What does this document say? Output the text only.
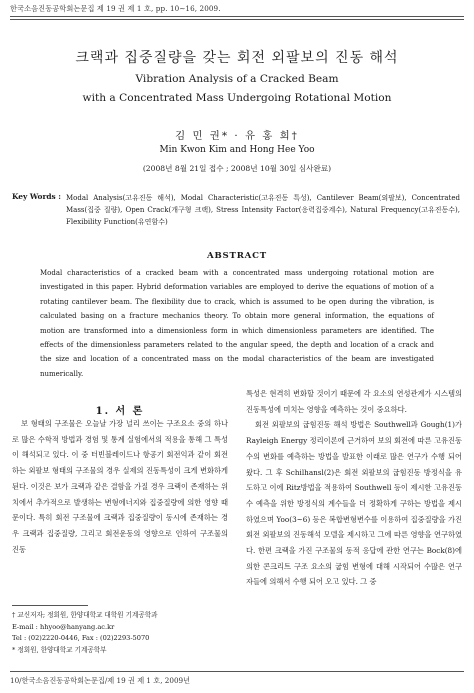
한국소음진동공학회논문집 제 19 권 제 1 호, pp. 10∼16, 2009.
크랙과 집중질량을 갖는 회전 외팔보의 진동 해석
Vibration Analysis of a Cracked Beam
with a Concentrated Mass Undergoing Rotational Motion
김 민 권* · 유 홍 희†
Min Kwon Kim and Hong Hee Yoo
(2008년 8월 21일 접수 ; 2008년 10월 30일 심사완료)
Key Words : Modal Analysis(고유진동 해석), Modal Characteristic(고유진동 특성), Cantilever Beam(외팔보), Concentrated Mass(집중 질량), Open Crack(개구형 크랙), Stress Intensity Factor(응력집중계수), Natural Frequency(고유진동수), Flexibility Function(유연함수)
ABSTRACT
Modal characteristics of a cracked beam with a concentrated mass undergoing rotational motion are investigated in this paper. Hybrid deformation variables are employed to derive the equations of motion of a rotating cantilever beam. The flexibility due to crack, which is assumed to be open during the vibration, is calculated basing on a fracture mechanics theory. To obtain more general information, the equations of motion are transformed into a dimensionless form in which dimensionless parameters are identified. The effects of the dimensionless parameters related to the angular speed, the depth and location of a crack and the size and location of a concentrated mass on the modal characteristics of the beam are investigated numerically.
1. 서 론

보 형태의 구조물은 오늘날 가장 널리 쓰이는 구조요소 중의 하나로 많은 수학적 방법과 경험 및 통계 실험에서의 적용을 통해 그 특성이 해석되고 있다. 이 중 터빈블레이드나 항공기 회전익과 같이 회전하는 외팔보 형태의 구조물의 경우 실제의 진동특성이 크게 변화하게 된다. 이것은 보가 크랙과 같은 결함을 가질 경우 크랙이 존재하는 위치에서 추가적으로 발생하는 변형에너지와 집중질량에 의한 영향 때문이다. 특히 회전 구조물에 크랙과 집중질량이 동시에 존재하는 경우 크랙과 집중질량, 그리고 회전운동의 영향으로 인하여 구조물의 진동

특성은 현격히 변화할 것이기 때문에 각 요소의 연성관계가 시스템의 진동특성에 미치는 영향을 예측하는 것이 중요하다.

회전 외팔보의 굽힘진동 해석 방법은 Southwell과 Gough(1)가 Rayleigh Energy 정리이론에 근거하여 보의 회전에 따른 고유진동수의 변화를 예측하는 방법을 발표한 이래로 많은 연구가 수행 되어왔다. 그 후 Schilhansl(2)은 회전 외팔보의 굽힘진동 방정식을 유도하고 이에 Ritz방법을 적용하여 Southwell 등이 제시한 고유진동수 예측을 위한 방정식의 계수들을 더 정확하게 구하는 방법을 제시하였으며 Yoo(3~6) 등은 복합변형변수를 이용하여 집중질량을 가진 회전 외팔보의 진동해석 모델을 제시하고 그에 따른 영향을 연구하였다. 한편 크랙을 가진 구조물의 동적 응답에 관한 연구는 Bock(8)에 의한 콘크리트 구조 요소의 굽힘 변형에 대해 시작되어 수많은 연구자들에 의해서 수행 되어 오고 있다. 그 중

† 교신저자; 정회원, 한양대학교 대학원 기계공학과
E-mail : hhyoo@hanyang.ac.kr
Tel : (02)2220-0446, Fax : (02)2293-5070
* 정회원, 한양대학교 기계공학부
10/한국소음진동공학회논문집/제 19 권 제 1 호, 2009년
